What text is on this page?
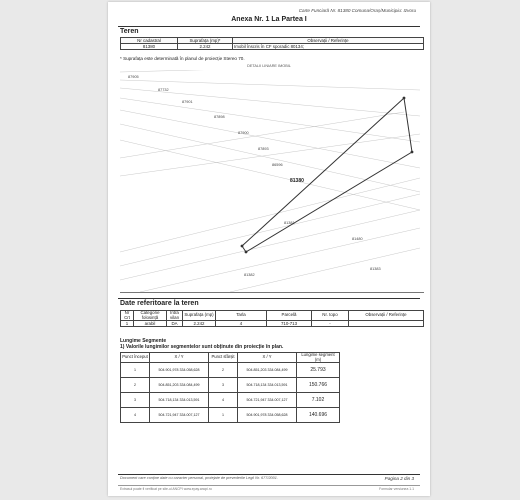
Carte Funciară Nr. 81380 Comuna/Oraș/Municipiu: Izvoru
Anexa Nr. 1 La Partea I
Teren
Nr cadastral	Suprafața (mp)*	Observații / Referințe
81380	2.242	Imobil înscris în CF sporadic 80134;
* Suprafața este determinată în planul de proiecție Stereo 70.
DETALII LINIARE IMOBIL
81380
87905
87732
87901
87898
87900
87893
86596
81381
81480
81382
81383
Date referitoare la teren
Nr Crt	Categorie folosință	Intra vilan	Suprafața (mp)	Tarla	Parcelă	Nr. topo	Observații / Referințe
1	arabil	DA	2.242	4	710-713	-	
Lungime Segmente
1) Valorile lungimilor segmentelor sunt obținute din proiecție în plan.
Punct început	X / Y	Punct sfârșit	X / Y	Lungime segment (m)
1	504.901,978 334.058,628	2	504.851,203 334.084,499	25.793
2	504.851,203 334.084,499	3	504.718,134 334.013,591	150.766
3	504.718,134 334.013,591	4	504.721,947 334.007,127	7.102
4	504.721,947 334.007,127	1	504.901,978 334.058,628	140.696
Document care conține date cu caracter personal, protejate de prevederile Legii Nr. 677/2001.	Pagina 2 din 3
Extrasul poate fi verificat pe site-ul ANCPI www.epay.ancpi.ro	Formular versiunea 1.1
